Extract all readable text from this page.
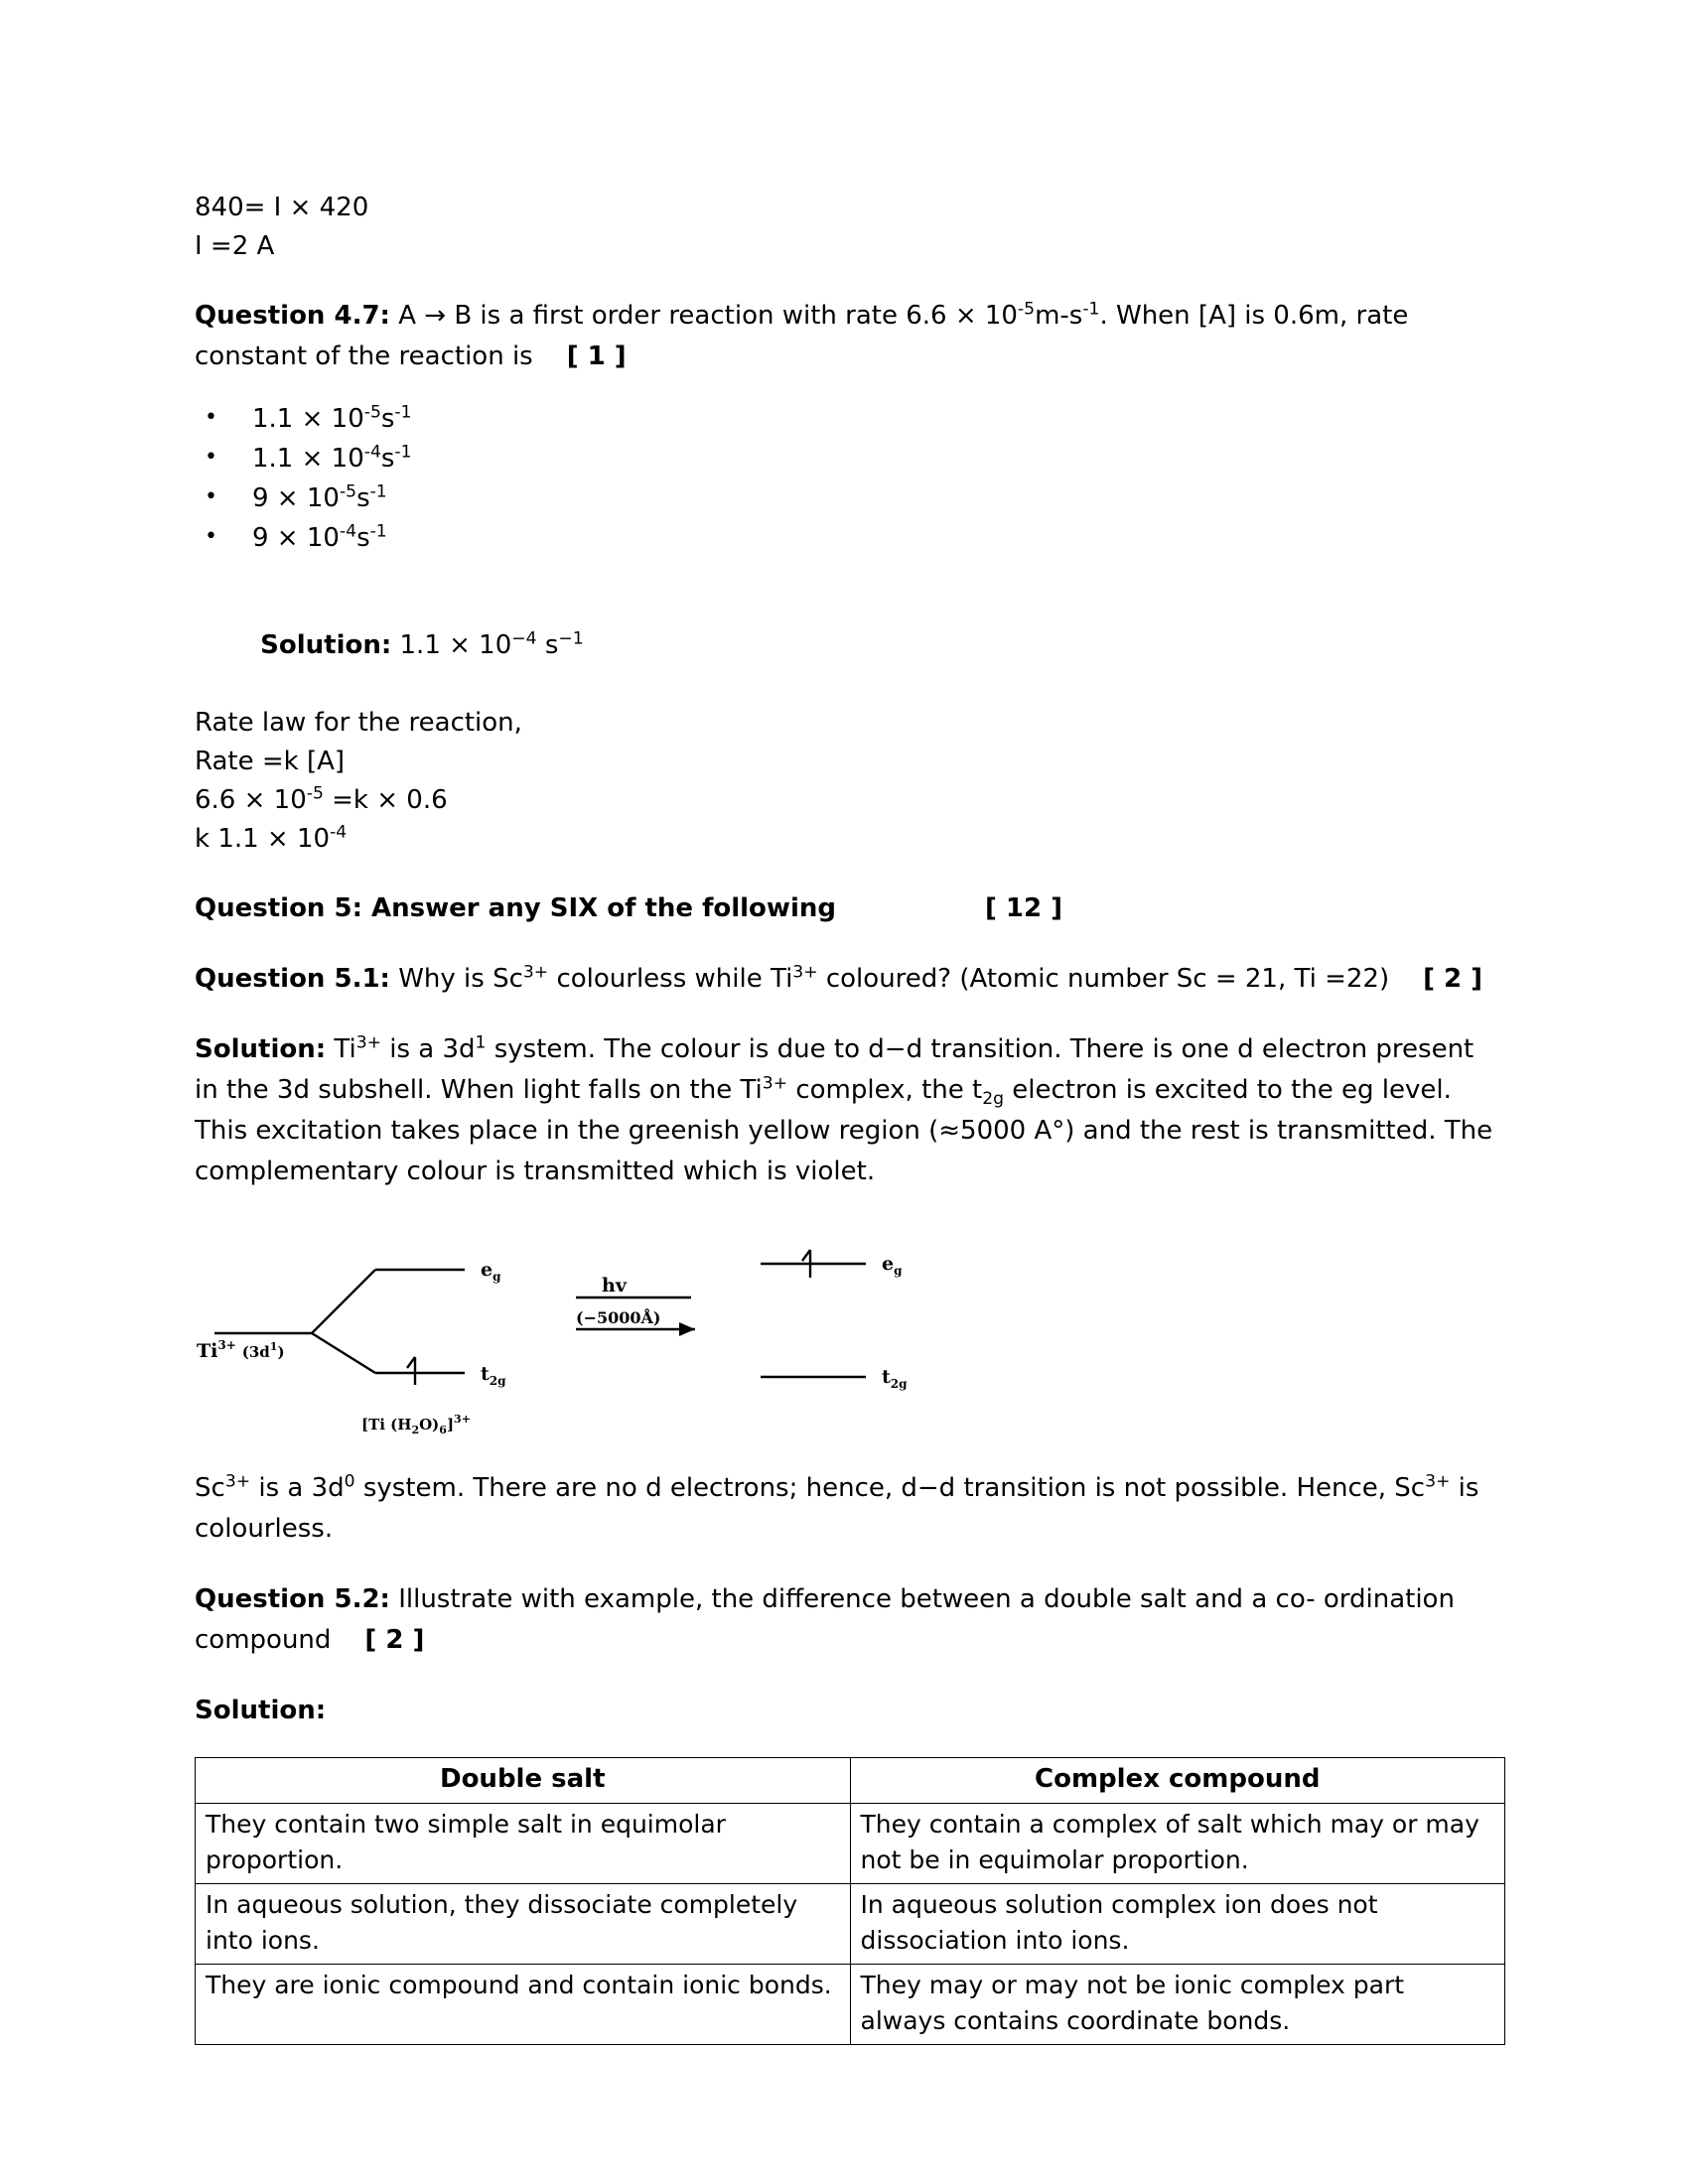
840= I × 420
I =2 A

Question 4.7: A → B is a first order reaction with rate $6.6 \times 10^{-5}m-s^{-1}$. When [A] is 0.6m, rate constant of the reaction is [ 1 ]

• $1.1 \times 10^{-5}s^{-1}$
• $1.1 \times 10^{-4}s^{-1}$
• $9 \times 10^{-5}s^{-1}$
• $9 \times 10^{-4}s^{-1}$

Solution: $1.1 \times 10^{-4}$ $s^{-1}$

Rate law for the reaction,
Rate =k [A]
$6.6 \times 10^{-5} =k \times 0.6$
k $1.1 \times 10^{-4}$

Question 5: Answer any SIX of the following	[ 12 ]

Question 5.1: Why is $Sc^{3+}$ colourless while $Ti^{3+}$ coloured? (Atomic number Sc = 21, Ti =22) [ 2 ]

Solution: $Ti^{3+}$ is a $3d^1$ system. The colour is due to d−d transition. There is one d electron present in the 3d subshell. When light falls on the $Ti^{3+}$ complex, the $t_{2g}$ electron is excited to the eg level. This excitation takes place in the greenish yellow region (≈5000 A°) and the rest is transmitted. The complementary colour is transmitted which is violet.

$Ti^{3+}$ $_{(3d}^1_)$
$e_g$
$t_{2g}$
[Ti $(H_2O)_6]^{3+}$
hv
(−5000Å)
$e_g$
$t_{2g}$

$Sc^{3+}$ is a $3d^0$ system. There are no d electrons; hence, d−d transition is not possible. Hence, $Sc^{3+}$ is colourless.

Question 5.2: Illustrate with example, the difference between a double salt and a co- ordination compound [ 2 ]

Solution:

Double salt	Complex compound
They contain two simple salt in equimolar proportion.	They contain a complex of salt which may or may not be in equimolar proportion.
In aqueous solution, they dissociate completely into ions.	In aqueous solution complex ion does not dissociation into ions.
They are ionic compound and contain ionic bonds.	They may or may not be ionic complex part always contains coordinate bonds.
